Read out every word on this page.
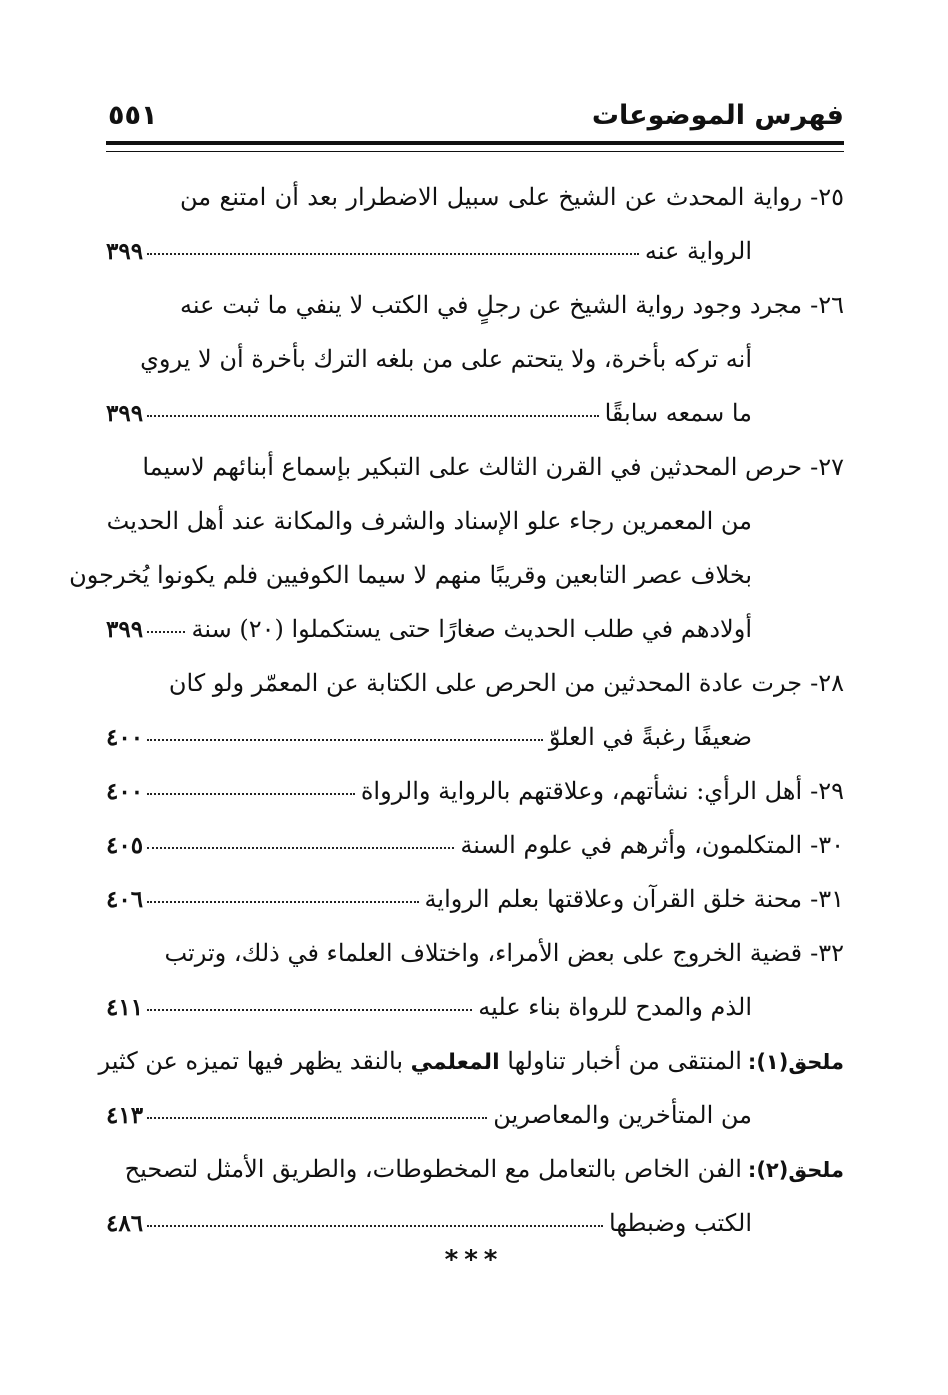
فهرس الموضوعات
٥٥١
٢٥-
رواية المحدث عن الشيخ على سبيل الاضطرار بعد أن امتنع من
الرواية عنه
٣٩٩
٢٦-
مجرد وجود رواية الشيخ عن رجلٍ في الكتب لا ينفي ما ثبت عنه
أنه تركه بأخرة، ولا يتحتم على من بلغه الترك بأخرة أن لا يروي
ما سمعه سابقًا
٣٩٩
٢٧-
حرص المحدثين في القرن الثالث على التبكير بإسماع أبنائهم لاسيما
من المعمرين رجاء علو الإسناد والشرف والمكانة عند أهل الحديث
بخلاف عصر التابعين وقريبًا منهم لا سيما الكوفيين فلم يكونوا يُخرجون
أولادهم في طلب الحديث صغارًا حتى يستكملوا (٢٠) سنة
٣٩٩
٢٨-
جرت عادة المحدثين من الحرص على الكتابة عن المعمّر ولو كان
ضعيفًا رغبةً في العلوّ
٤٠٠
٢٩-
أهل الرأي: نشأتهم، وعلاقتهم بالرواية والرواة
٤٠٠
٣٠-
المتكلمون، وأثرهم في علوم السنة
٤٠٥
٣١-
محنة خلق القرآن وعلاقتها بعلم الرواية
٤٠٦
٣٢-
قضية الخروج على بعض الأمراء، واختلاف العلماء في ذلك، وترتب
الذم والمدح للرواة بناء عليه
٤١١
ملحق(١):
المنتقى من أخبار تناولها المعلمي بالنقد يظهر فيها تميزه عن كثير
من المتأخرين والمعاصرين
٤١٣
ملحق(٢):
الفن الخاص بالتعامل مع المخطوطات، والطريق الأمثل لتصحيح
الكتب وضبطها
٤٨٦
***
